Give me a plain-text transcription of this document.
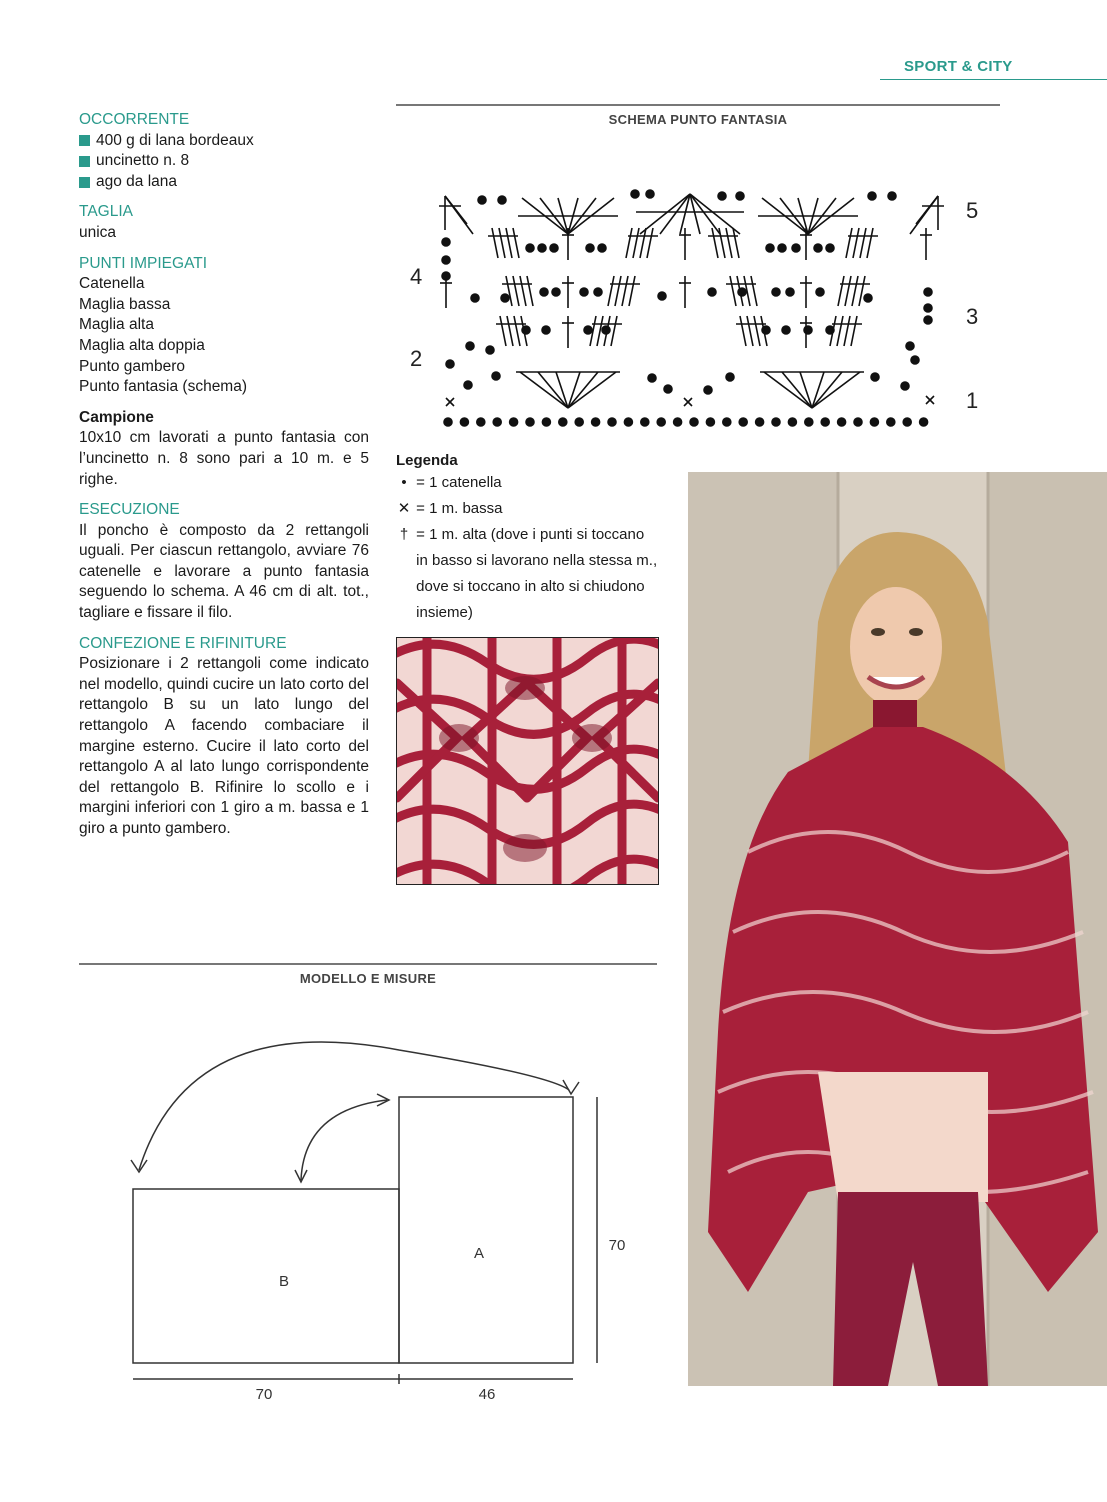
SPORT & CITY
OCCORRENTE
400 g di lana bordeaux
uncinetto n. 8
ago da lana
TAGLIA

unica

PUNTI IMPIEGATI

Catenella

Maglia bassa

Maglia alta

Maglia alta doppia

Punto gambero

Punto fantasia (schema)

Campione

10x10 cm lavorati a punto fantasia con l’uncinetto n. 8 sono pari a 10 m. e 5 righe.

ESECUZIONE

Il poncho è composto da 2 rettangoli uguali. Per ciascun rettangolo, avviare 76 catenelle e lavorare a punto fantasia seguendo lo schema. A 46 cm di alt. tot., tagliare e fissare il filo.

CONFEZIONE E RIFINITURE

Posizionare i 2 rettangoli come indicato nel modello, quindi cucire un lato corto del rettangolo B su un lato lungo del rettangolo A facendo combaciare il margine esterno. Cucire il lato corto del rettangolo A al lato lungo corrispondente del rettangolo B. Rifinire lo scollo e i margini inferiori con 1 giro a m. bassa e 1 giro a punto gambero.

SCHEMA PUNTO FANTASIA
5
4
3
2
1
Legenda
•
= 1 catenella
✕
= 1 m. bassa
†
= 1 m. alta (dove i punti si toccano in basso si lavorano nella stessa m., dove si toccano in alto si chiudono insieme)
MODELLO E MISURE
A
B
70
70	46
